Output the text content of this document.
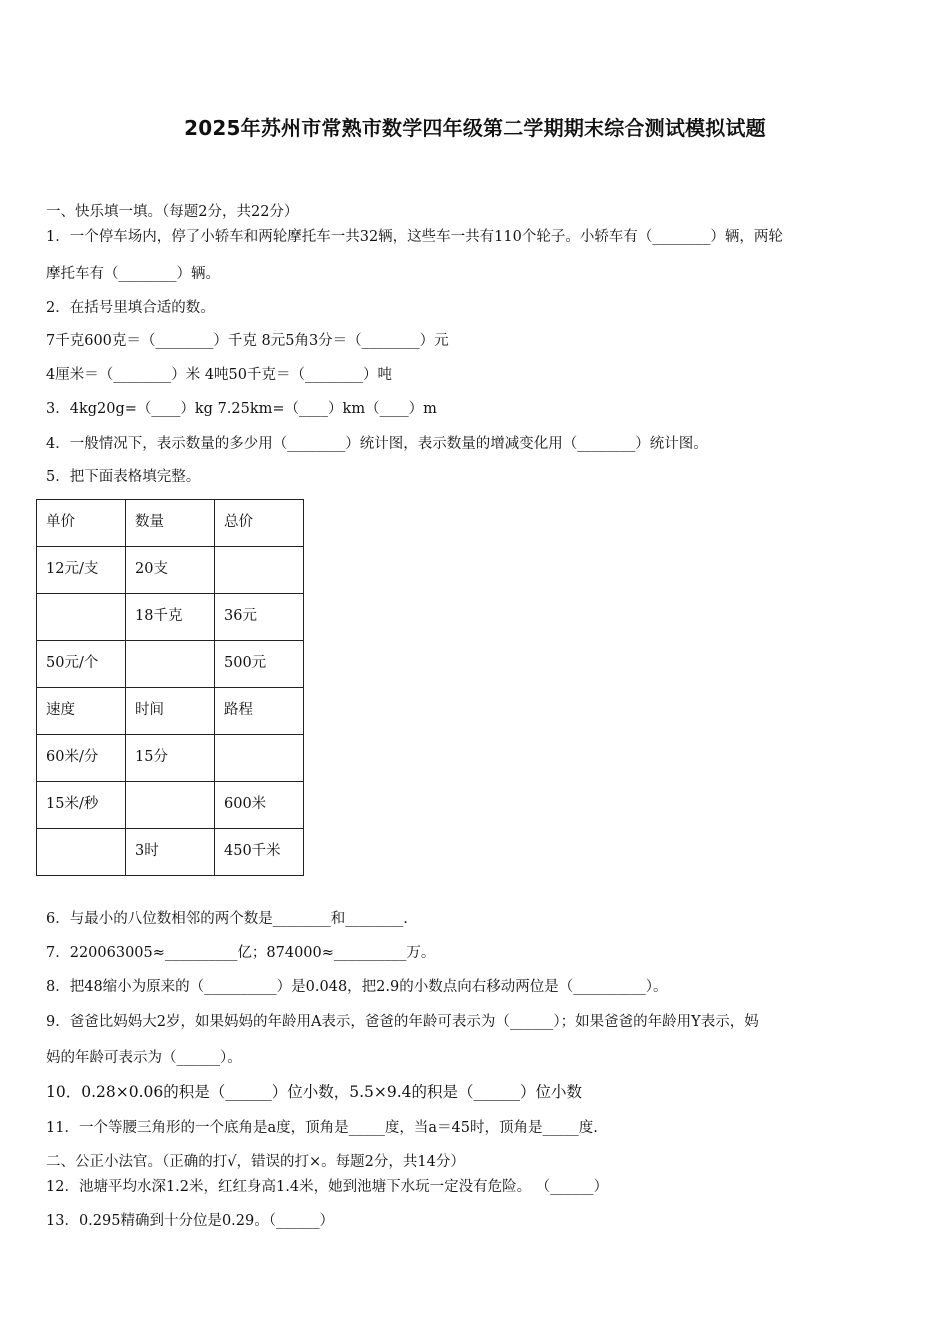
2025年苏州市常熟市数学四年级第二学期期末综合测试模拟试题
一、快乐填一填。（每题2分，共22分）
1．一个停车场内，停了小轿车和两轮摩托车一共32辆，这些车一共有110个轮子。小轿车有（________）辆，两轮
摩托车有（________）辆。
2．在括号里填合适的数。
7千克600克＝（________）千克 8元5角3分＝（________）元
4厘米＝（________）米 4吨50千克＝（________）吨
3．4kg20g=（____）kg 7.25km=（____）km（____）m
4．一般情况下，表示数量的多少用（________）统计图，表示数量的增减变化用（________）统计图。
5．把下面表格填完整。
单价	数量	总价

12元/支	20支	

	18千克	36元

50元/个		500元

速度	时间	路程

60米/分	15分	

15米/秒		600米

	3时	450千米
6．与最小的八位数相邻的两个数是________和________.
7．220063005≈__________亿；874000≈__________万。
8．把48缩小为原来的（__________）是0.048，把2.9的小数点向右移动两位是（__________）。
9．爸爸比妈妈大2岁，如果妈妈的年龄用A表示，爸爸的年龄可表示为（______）；如果爸爸的年龄用Y表示，妈
妈的年龄可表示为（______）。
10．0.28×0.06的积是（______）位小数，5.5×9.4的积是（______）位小数
11．一个等腰三角形的一个底角是a度，顶角是_____度，当a＝45时，顶角是_____度.
二、公正小法官。（正确的打√，错误的打×。每题2分，共14分）
12．池塘平均水深1.2米，红红身高1.4米，她到池塘下水玩一定没有危险。 （______）
13．0.295精确到十分位是0.29。（______）
